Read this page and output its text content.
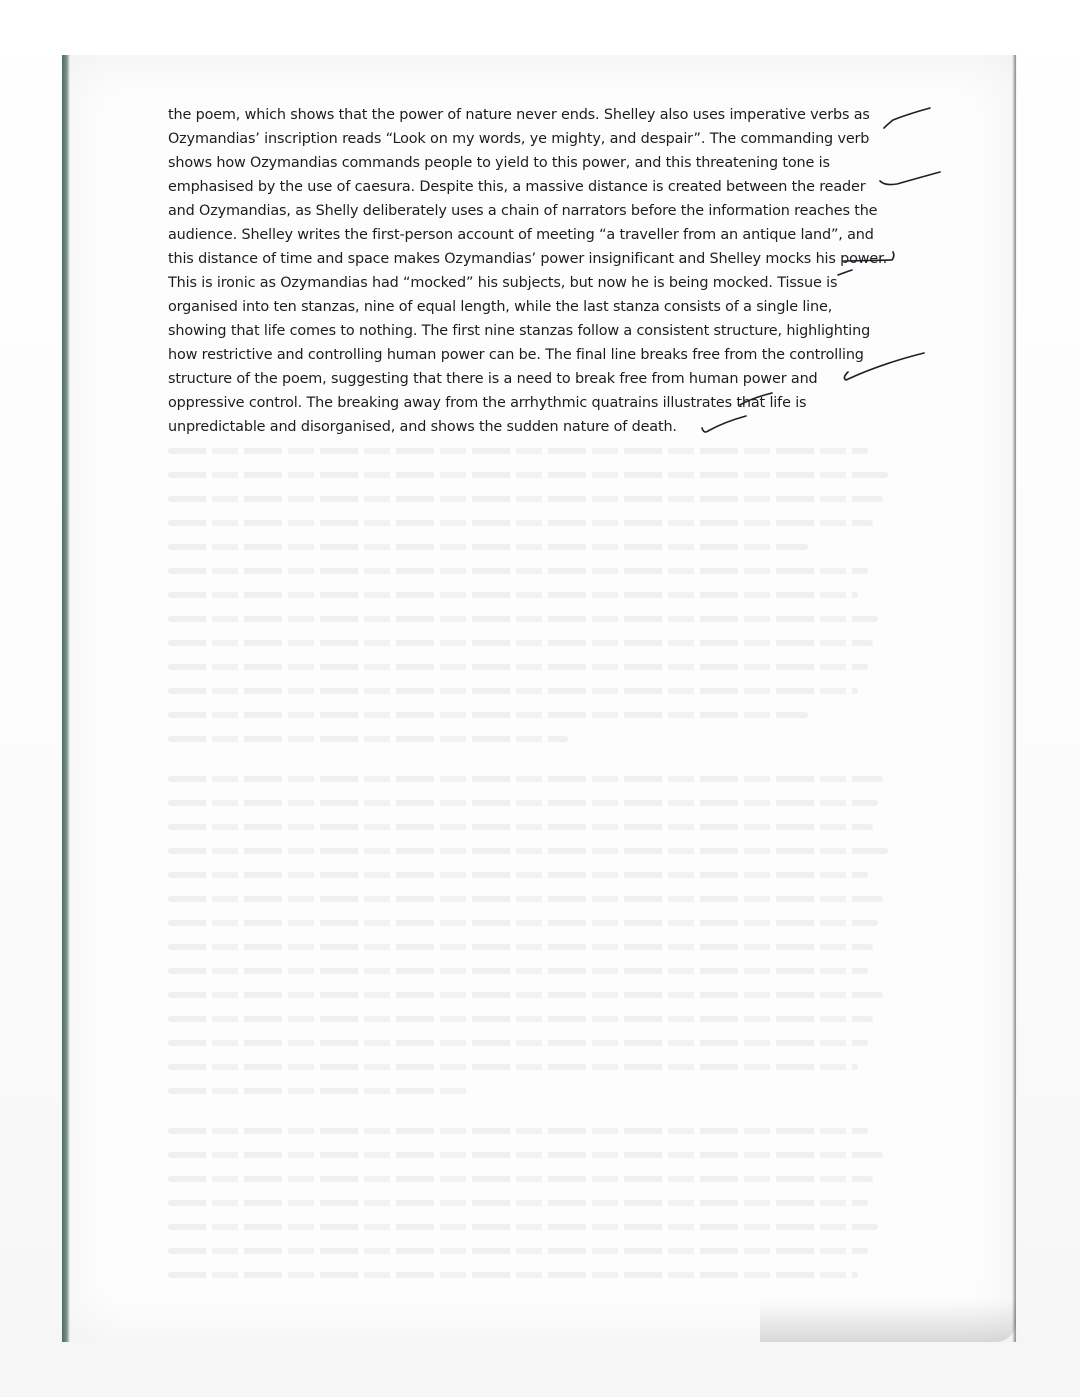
the poem, which shows that the power of nature never ends. Shelley also uses imperative verbs as
Ozymandias’ inscription reads “Look on my words, ye mighty, and despair”. The commanding verb
shows how Ozymandias commands people to yield to this power, and this threatening tone is
emphasised by the use of caesura. Despite this, a massive distance is created between the reader
and Ozymandias, as Shelly deliberately uses a chain of narrators before the information reaches the
audience. Shelley writes the first-person account of meeting “a traveller from an antique land”, and
this distance of time and space makes Ozymandias’ power insignificant and Shelley mocks his power.
This is ironic as Ozymandias had “mocked” his subjects, but now he is being mocked. Tissue is
organised into ten stanzas, nine of equal length, while the last stanza consists of a single line,
showing that life comes to nothing. The first nine stanzas follow a consistent structure, highlighting
how restrictive and controlling human power can be. The final line breaks free from the controlling
structure of the poem, suggesting that there is a need to break free from human power and
oppressive control. The breaking away from the arrhythmic quatrains illustrates that life is
unpredictable and disorganised, and shows the sudden nature of death.
